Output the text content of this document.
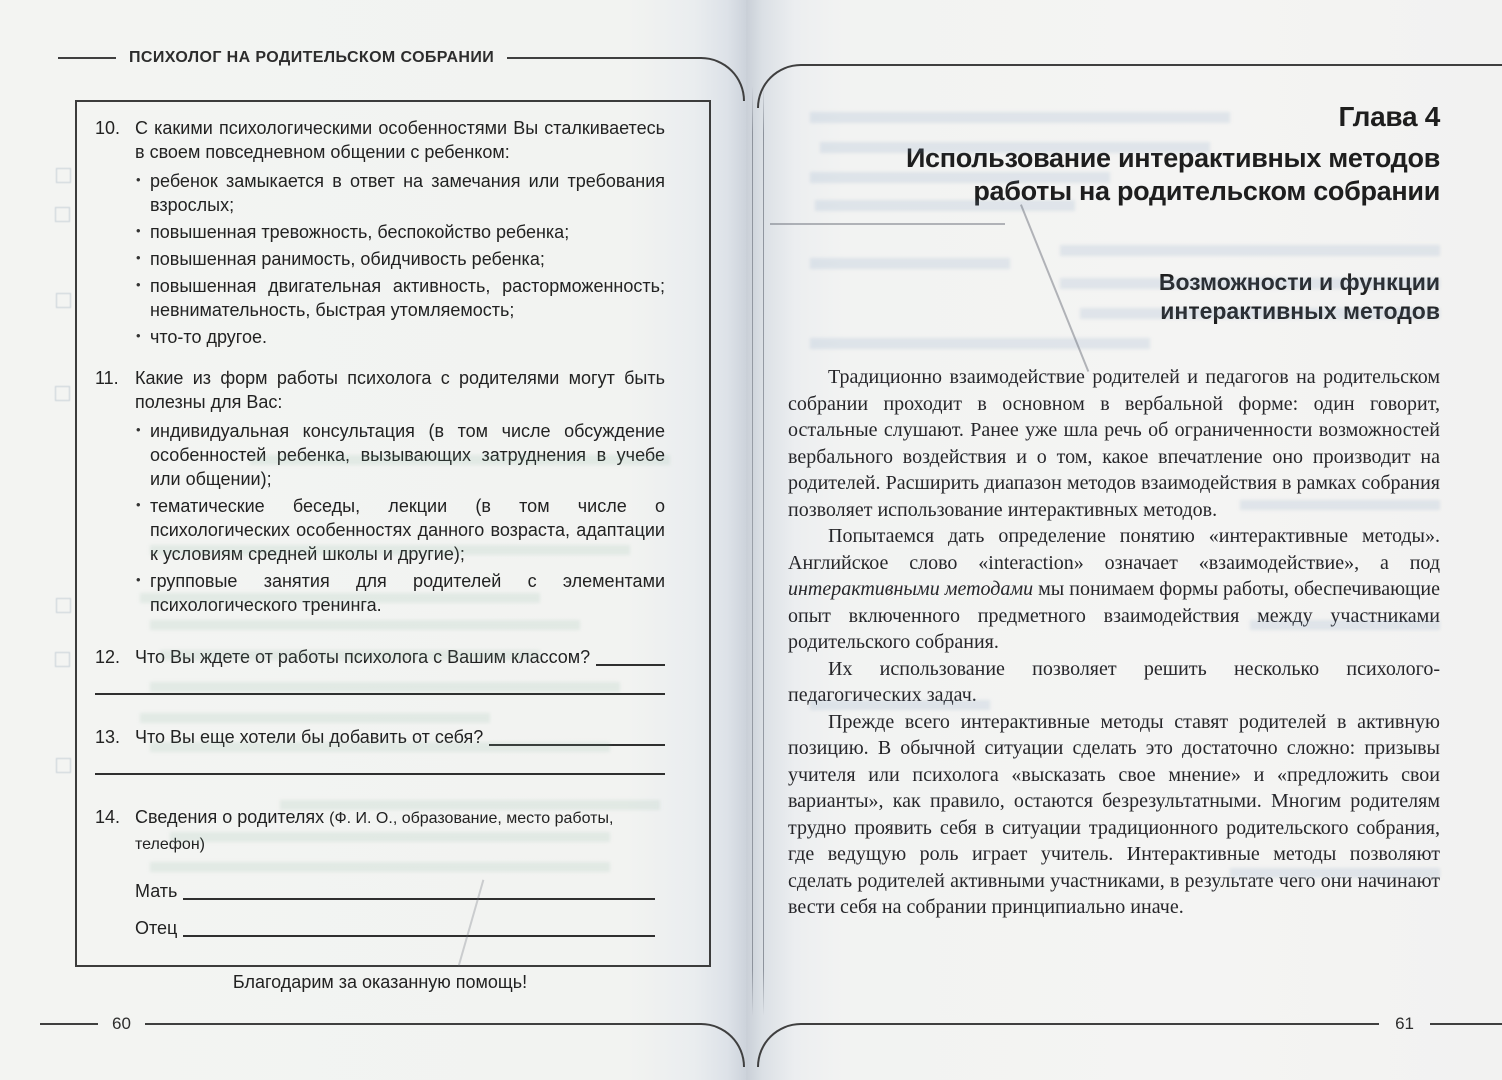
ПСИХОЛОГ НА РОДИТЕЛЬСКОМ СОБРАНИИ
10. С какими психологическими особенностями Вы сталкиваетесь в своем повседневном общении с ребенком:
• ребенок замыкается в ответ на замечания или требования взрослых;
• повышенная тревожность, беспокойство ребенка;
• повышенная ранимость, обидчивость ребенка;
• повышенная двигательная активность, расторможенность; невнимательность, быстрая утомляемость;
• что-то другое.
11. Какие из форм работы психолога с родителями могут быть полезны для Вас:
• индивидуальная консультация (в том числе обсуждение особенностей ребенка, вызывающих затруднения в учебе или общении);
• тематические беседы, лекции (в том числе о психологических особенностях данного возраста, адаптации к условиям средней школы и другие);
• групповые занятия для родителей с элементами психологического тренинга.
12. Что Вы ждете от работы психолога с Вашим классом?
13. Что Вы еще хотели бы добавить от себя?
14. Сведения о родителях (Ф. И. О., образование, место работы, телефон)
Мать
Отец
Благодарим за оказанную помощь!
60
Глава 4
Использование интерактивных методов
работы на родительском собрании
Возможности и функции
интерактивных методов

Традиционно взаимодействие родителей и педагогов на родительском собрании проходит в основном в вербальной форме: один говорит, остальные слушают. Ранее уже шла речь об ограниченности возможностей вербального воздействия и о том, какое впечатление оно производит на родителей. Расширить диапазон методов взаимодействия в рамках собрания позволяет использование интерактивных методов.

Попытаемся дать определение понятию «интерактивные методы». Английское слово «interaction» означает «взаимодействие», а под интерактивными методами мы понимаем формы работы, обеспечивающие опыт включенного предметного взаимодействия между участниками родительского собрания.

Их использование позволяет решить несколько психолого-педагогических задач.

Прежде всего интерактивные методы ставят родителей в активную позицию. В обычной ситуации сделать это достаточно сложно: призывы учителя или психолога «высказать свое мнение» и «предложить свои варианты», как правило, остаются безрезультатными. Многим родителям трудно проявить себя в ситуации традиционного родительского собрания, где ведущую роль играет учитель. Интерактивные методы позволяют сделать родителей активными участниками, в результате чего они начинают вести себя на собрании принципиально иначе.

61
